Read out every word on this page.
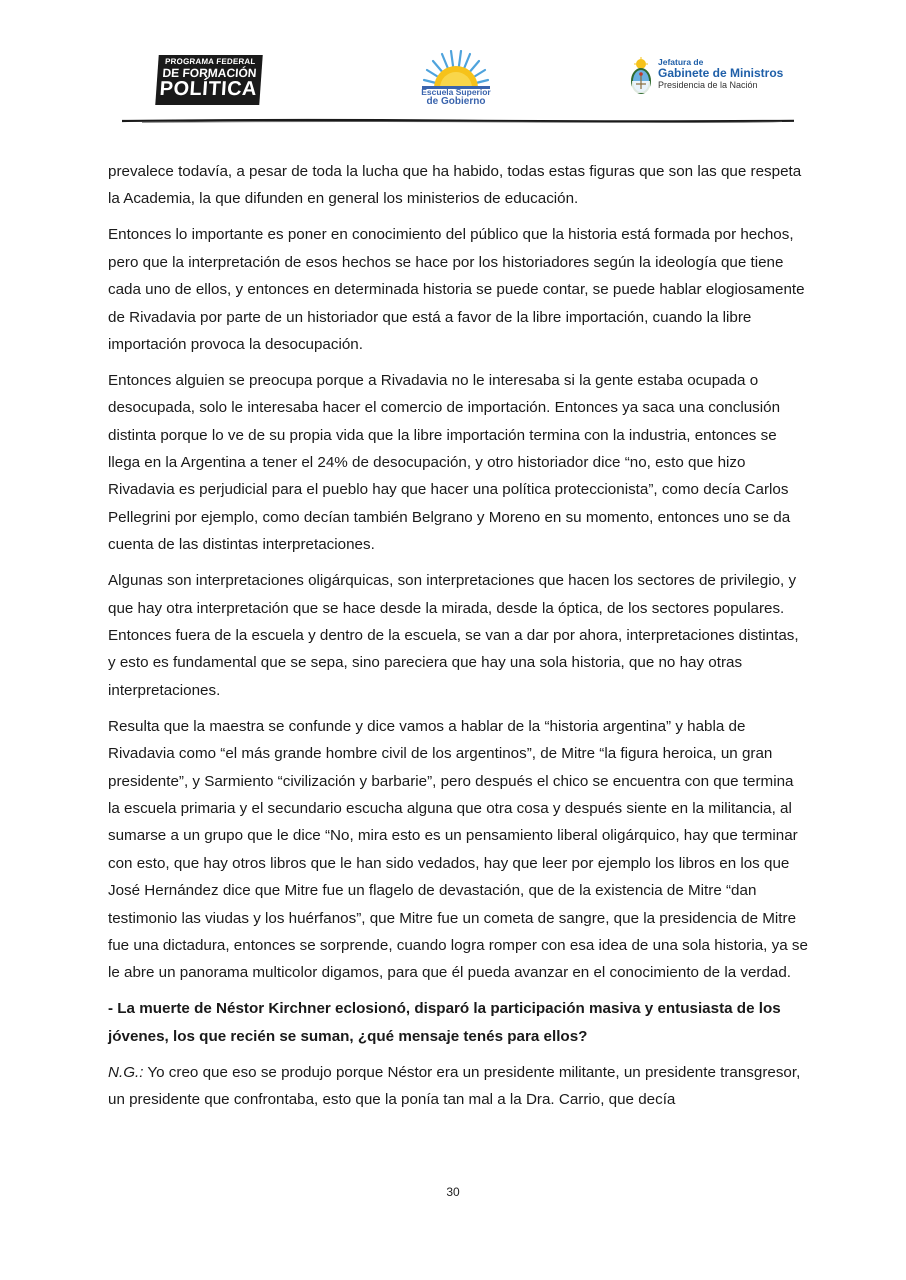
PROGRAMA FEDERAL
DE FORMACIÓN
POLÍTICA	Escuela Superior
de Gobierno
Jefatura de
Gabinete de Ministros
Presidencia de la Nación

prevalece todavía, a pesar de toda la lucha que ha habido, todas estas figuras que son las que respeta la Academia, la que difunden en general los ministerios de educación.

Entonces lo importante es poner en conocimiento del público que la historia está formada por hechos, pero que la interpretación de esos hechos se hace por los historiadores según la ideología que tiene cada uno de ellos, y entonces en determinada historia se puede contar, se puede hablar elogiosamente de Rivadavia por parte de un historiador que está a favor de la libre importación, cuando la libre importación provoca la desocupación.

Entonces alguien se preocupa porque a Rivadavia no le interesaba si la gente estaba ocupada o desocupada, solo le interesaba hacer el comercio de importación. Entonces ya saca una conclusión distinta porque lo ve de su propia vida que la libre importación termina con la industria, entonces se llega en la Argentina a tener el 24% de desocupación, y otro historiador dice “no, esto que hizo Rivadavia es perjudicial para el pueblo hay que hacer una política proteccionista”, como decía Carlos Pellegrini por ejemplo, como decían también Belgrano y Moreno en su momento, entonces uno se da cuenta de las distintas interpretaciones.

Algunas son interpretaciones oligárquicas, son interpretaciones que hacen los sectores de privilegio, y que hay otra interpretación que se hace desde la mirada, desde la óptica, de los sectores populares. Entonces fuera de la escuela y dentro de la escuela, se van a dar por ahora, interpretaciones distintas, y esto es fundamental que se sepa, sino pareciera que hay una sola historia, que no hay otras interpretaciones.

Resulta que la maestra se confunde y dice vamos a hablar de la “historia argentina” y habla de Rivadavia como “el más grande hombre civil de los argentinos”, de Mitre “la figura heroica, un gran presidente”, y Sarmiento “civilización y barbarie”, pero después el chico se encuentra con que termina la escuela primaria y el secundario escucha alguna que otra cosa y después siente en la militancia, al sumarse a un grupo que le dice “No, mira esto es un pensamiento liberal oligárquico, hay que terminar con esto, que hay otros libros que le han sido vedados, hay que leer por ejemplo los libros en los que José Hernández dice que Mitre fue un flagelo de devastación, que de la existencia de Mitre “dan testimonio las viudas y los huérfanos”, que Mitre fue un cometa de sangre, que la presidencia de Mitre fue una dictadura, entonces se sorprende, cuando logra romper con esa idea de una sola historia, ya se le abre un panorama multicolor digamos, para que él pueda avanzar en el conocimiento de la verdad.

- La muerte de Néstor Kirchner eclosionó, disparó la participación masiva y entusiasta de los jóvenes, los que recién se suman, ¿qué mensaje tenés para ellos?

N.G.: Yo creo que eso se produjo porque Néstor era un presidente militante, un presidente transgresor, un presidente que confrontaba, esto que la ponía tan mal a la Dra. Carrio, que decía

30
